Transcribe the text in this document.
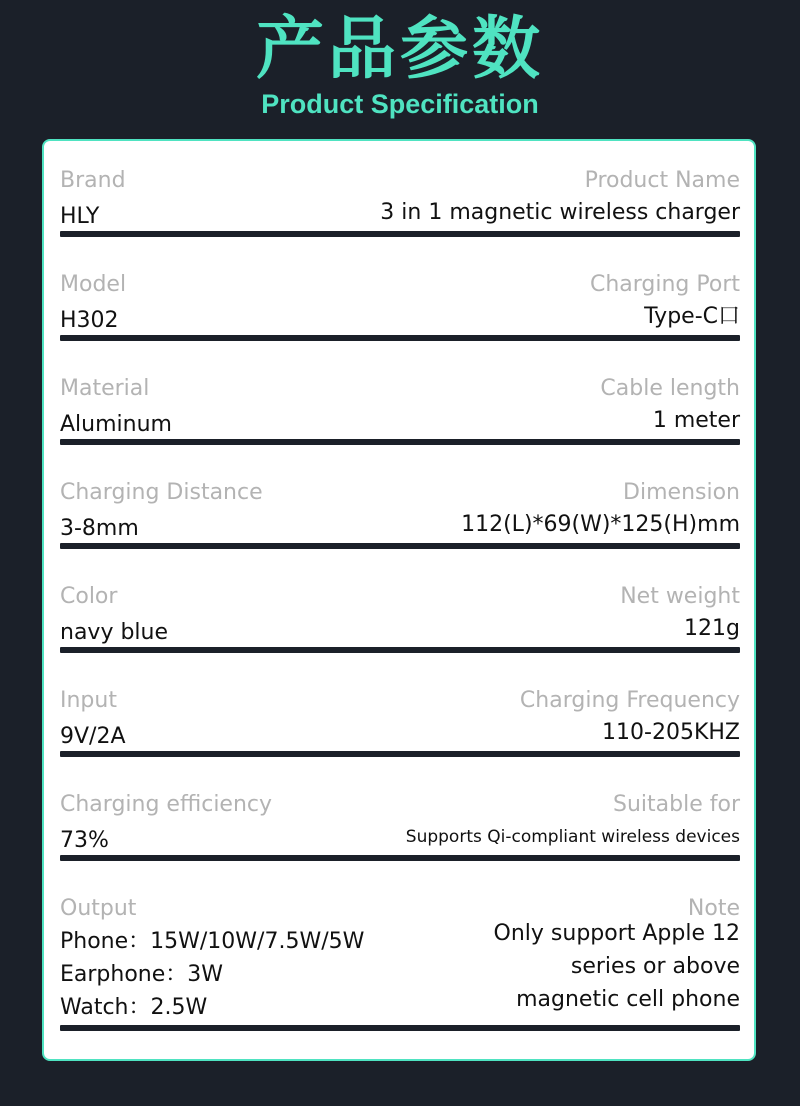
产品参数
Product Specification
Brand
HLY
Product Name
3 in 1 magnetic wireless charger
Model
H302
Charging Port
Type-C口
Material
Aluminum
Cable length
1 meter
Charging Distance
3-8mm
Dimension
112(L)*69(W)*125(H)mm
Color
navy blue
Net weight
121g
Input
9V/2A
Charging Frequency
110-205KHZ
Charging efficiency
73%
Suitable for
Supports Qi-compliant wireless devices
Output
Phone：15W/10W/7.5W/5W
Earphone：3W
Watch：2.5W
Note
Only support Apple 12
series or above
magnetic cell phone
